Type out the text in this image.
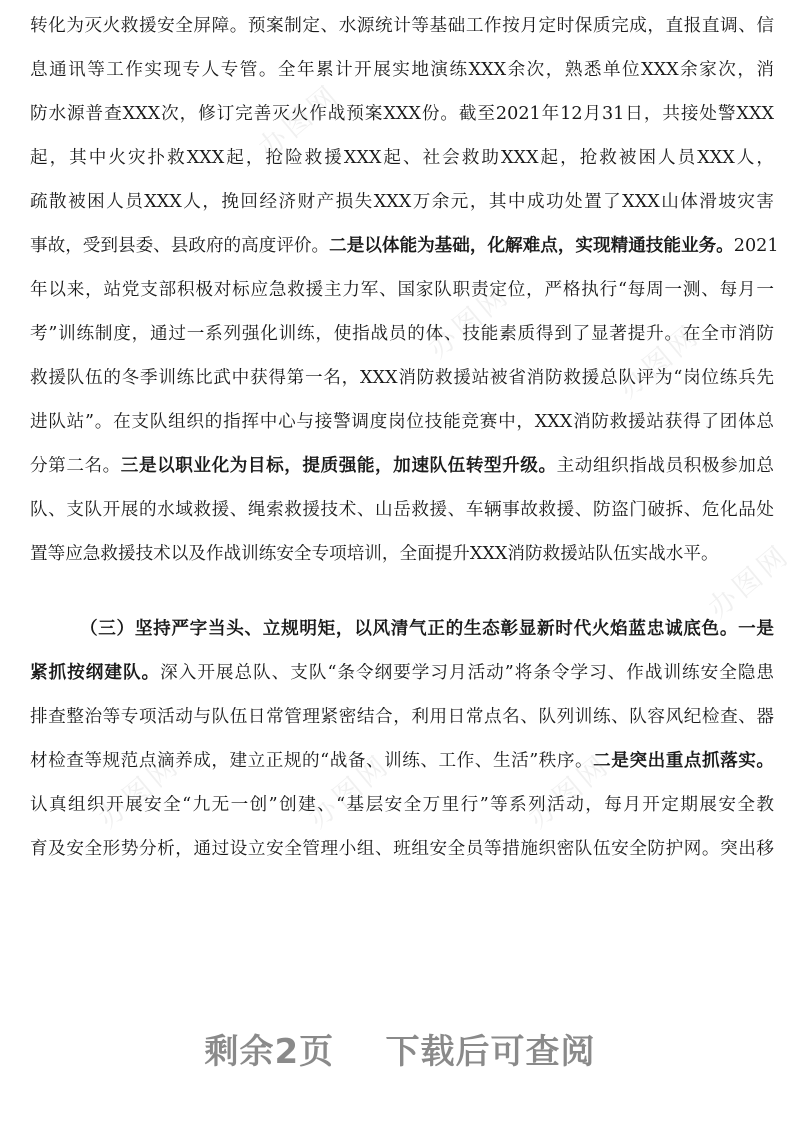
转化为灭火救援安全屏障。预案制定、水源统计等基础工作按月定时保质完成，直报直调、信
息通讯等工作实现专人专管。全年累计开展实地演练XXX余次，熟悉单位XXX余家次，消
防水源普查XXX次，修订完善灭火作战预案XXX份。截至2021年12月31日，共接处警XXX
起，其中火灾扑救XXX起，抢险救援XXX起、社会救助XXX起，抢救被困人员XXX人，
疏散被困人员XXX人，挽回经济财产损失XXX万余元，其中成功处置了XXX山体滑坡灾害
事故，受到县委、县政府的高度评价。二是以体能为基础，化解难点，实现精通技能业务。2021
年以来，站党支部积极对标应急救援主力军、国家队职责定位，严格执行“每周一测、每月一
考”训练制度，通过一系列强化训练，使指战员的体、技能素质得到了显著提升。在全市消防
救援队伍的冬季训练比武中获得第一名，XXX消防救援站被省消防救援总队评为“岗位练兵先
进队站”。在支队组织的指挥中心与接警调度岗位技能竞赛中，XXX消防救援站获得了团体总
分第二名。三是以职业化为目标，提质强能，加速队伍转型升级。主动组织指战员积极参加总
队、支队开展的水域救援、绳索救援技术、山岳救援、车辆事故救援、防盗门破拆、危化品处
置等应急救援技术以及作战训练安全专项培训，全面提升XXX消防救援站队伍实战水平。
（三）坚持严字当头、立规明矩，以风清气正的生态彰显新时代火焰蓝忠诚底色。一是
紧抓按纲建队。深入开展总队、支队“条令纲要学习月活动”将条令学习、作战训练安全隐患
排查整治等专项活动与队伍日常管理紧密结合，利用日常点名、队列训练、队容风纪检查、器
材检查等规范点滴养成，建立正规的“战备、训练、工作、生活”秩序。二是突出重点抓落实。
认真组织开展安全“九无一创”创建、“基层安全万里行”等系列活动，每月开定期展安全教
育及安全形势分析，通过设立安全管理小组、班组安全员等措施织密队伍安全防护网。突出移
办图网
办图网	办图网
办图网	办图网	办图网
办图网
剩余2页    下载后可查阅
